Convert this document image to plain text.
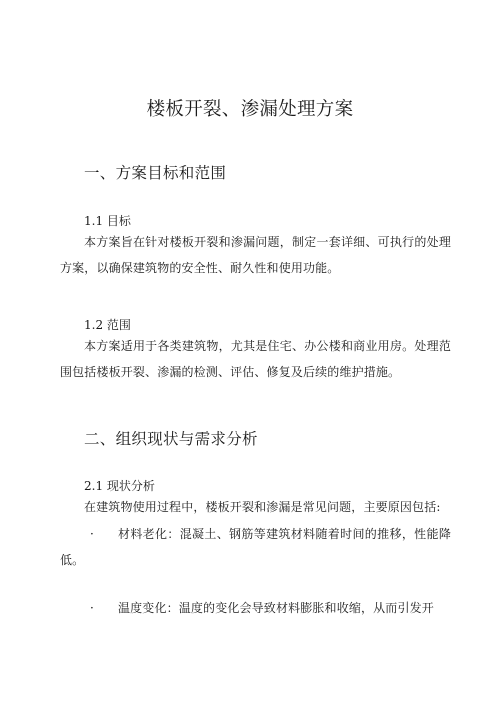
楼板开裂、渗漏处理方案
一、方案目标和范围
1.1 目标
本方案旨在针对楼板开裂和渗漏问题，制定一套详细、可执行的处理方案，以确保建筑物的安全性、耐久性和使用功能。
1.2 范围
本方案适用于各类建筑物，尤其是住宅、办公楼和商业用房。处理范围包括楼板开裂、渗漏的检测、评估、修复及后续的维护措施。
二、组织现状与需求分析
2.1 现状分析
在建筑物使用过程中，楼板开裂和渗漏是常见问题，主要原因包括:
·	材料老化：混凝土、钢筋等建筑材料随着时间的推移，性能降低。
·	温度变化：温度的变化会导致材料膨胀和收缩，从而引发开
